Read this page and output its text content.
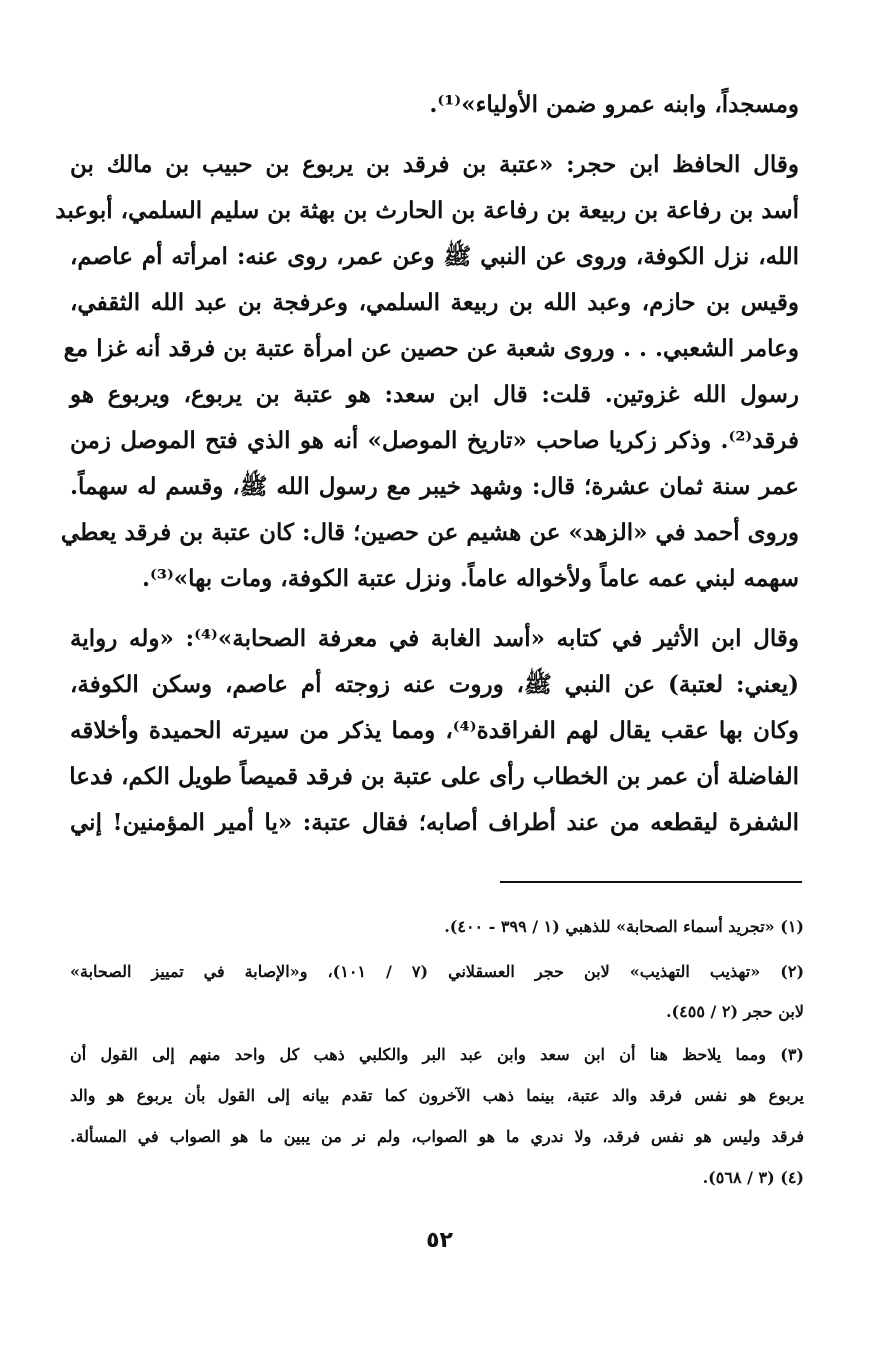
ومسجداً، وابنه عمرو ضمن الأولياء»⁽¹⁾.
وقال الحافظ ابن حجر: «عتبة بن فرقد بن يربوع بن حبيب بن مالك بن
أسد بن رفاعة بن ربيعة بن رفاعة بن الحارث بن بهثة بن سليم السلمي، أبوعبد
الله، نزل الكوفة، وروى عن النبي ﷺ وعن عمر، روى عنه: امرأته أم عاصم،
وقيس بن حازم، وعبد الله بن ربيعة السلمي، وعرفجة بن عبد الله الثقفي،
وعامر الشعبي. . . وروى شعبة عن حصين عن امرأة عتبة بن فرقد أنه غزا مع
رسول الله غزوتين. قلت: قال ابن سعد: هو عتبة بن يربوع، ويربوع هو
فرقد⁽²⁾. وذكر زكريا صاحب «تاريخ الموصل» أنه هو الذي فتح الموصل زمن
عمر سنة ثمان عشرة؛ قال: وشهد خيبر مع رسول الله ﷺ، وقسم له سهماً.
وروى أحمد في «الزهد» عن هشيم عن حصين؛ قال: كان عتبة بن فرقد يعطي
سهمه لبني عمه عاماً ولأخواله عاماً. ونزل عتبة الكوفة، ومات بها»⁽³⁾.
وقال ابن الأثير في كتابه «أسد الغابة في معرفة الصحابة»⁽⁴⁾: «وله رواية
(يعني: لعتبة) عن النبي ﷺ، وروت عنه زوجته أم عاصم، وسكن الكوفة،
وكان بها عقب يقال لهم الفراقدة⁽⁴⁾، ومما يذكر من سيرته الحميدة وأخلاقه
الفاضلة أن عمر بن الخطاب رأى على عتبة بن فرقد قميصاً طويل الكم، فدعا
الشفرة ليقطعه من عند أطراف أصابه؛ فقال عتبة: «يا أمير المؤمنين! إني
(١) «تجريد أسماء الصحابة» للذهبي (١ / ٣٩٩ - ٤٠٠).
(٢) «تهذيب التهذيب» لابن حجر العسقلاني (٧ / ١٠١)، و«الإصابة في تمييز الصحابة»
لابن حجر (٢ / ٤٥٥).
(٣) ومما يلاحظ هنا أن ابن سعد وابن عبد البر والكلبي ذهب كل واحد منهم إلى القول أن
يربوع هو نفس فرقد والد عتبة، بينما ذهب الآخرون كما تقدم بيانه إلى القول بأن يربوع هو والد
فرقد وليس هو نفس فرقد، ولا ندري ما هو الصواب، ولم نر من يبين ما هو الصواب في المسألة.
(٤) (٣ / ٥٦٨).
٥٢
